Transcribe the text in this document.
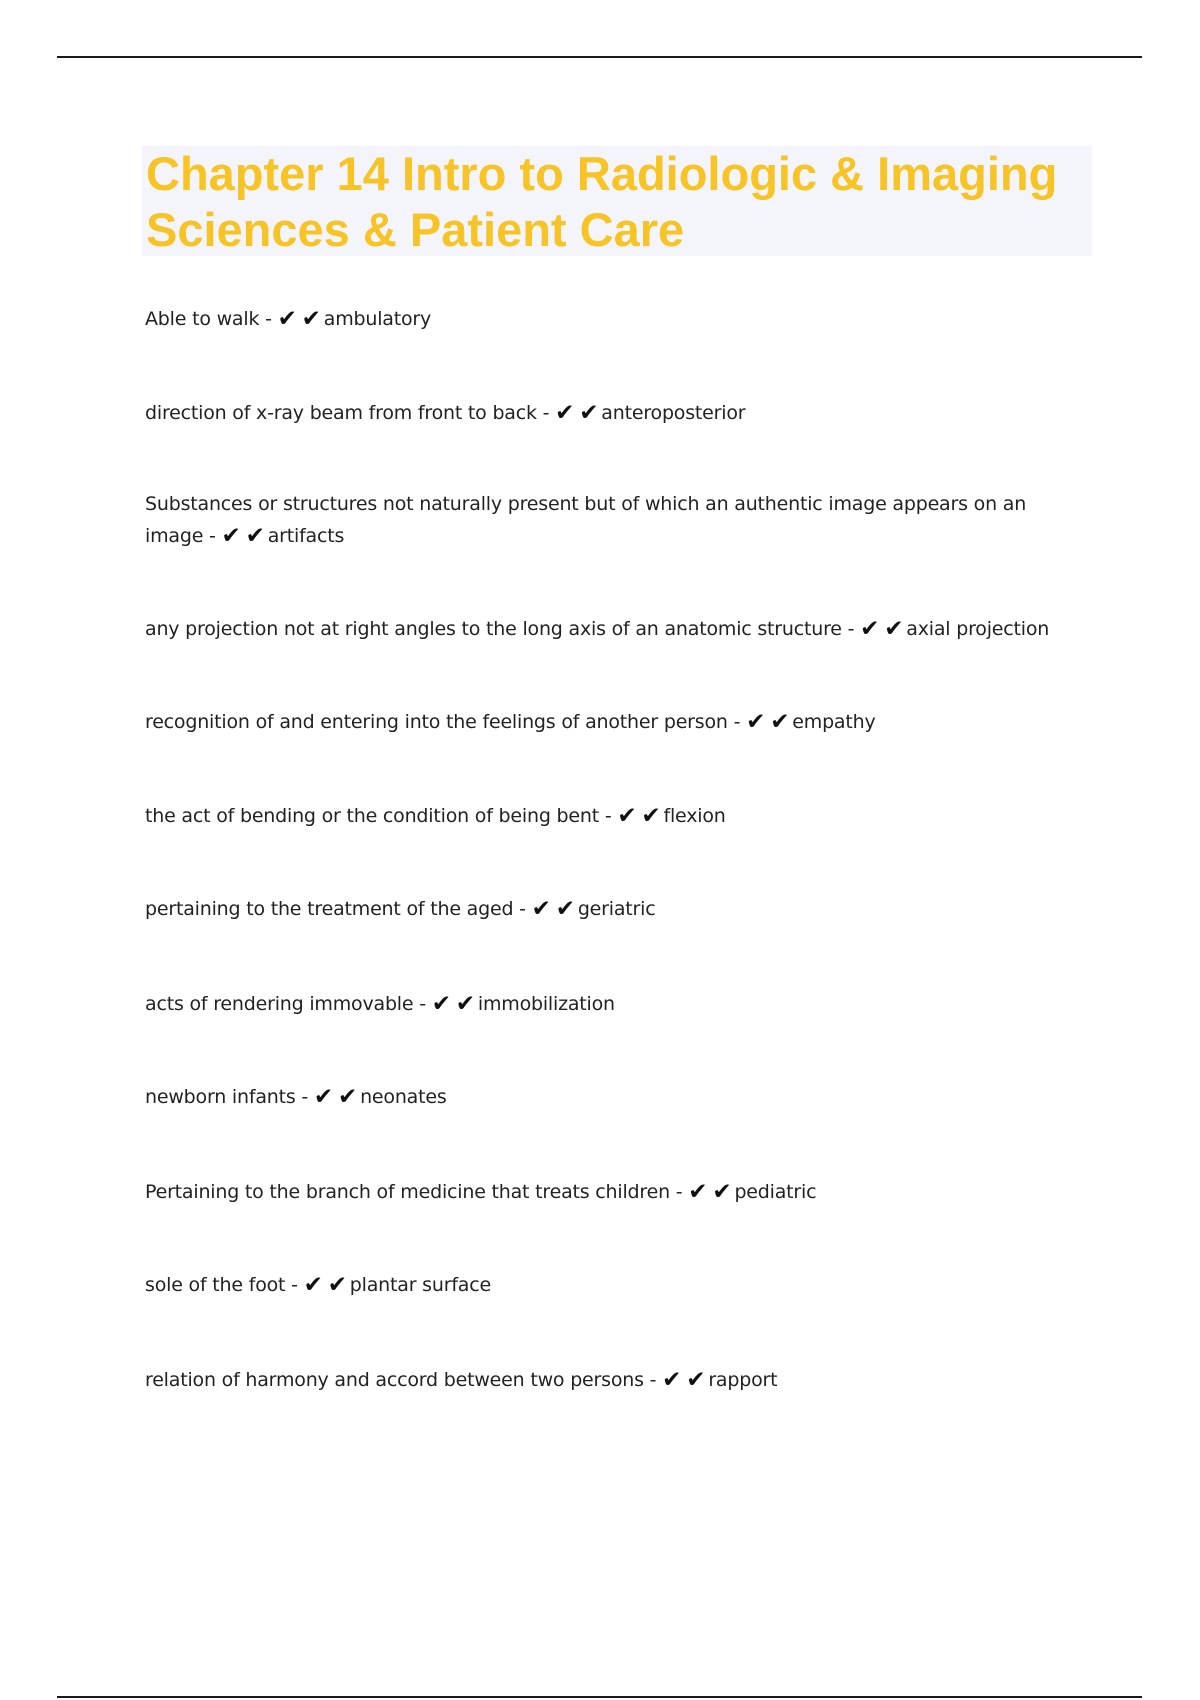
Chapter 14 Intro to Radiologic & Imaging Sciences & Patient Care
Able to walk - ✔ ✔ ambulatory
direction of x-ray beam from front to back - ✔ ✔ anteroposterior
Substances or structures not naturally present but of which an authentic image appears on an image - ✔ ✔ artifacts
any projection not at right angles to the long axis of an anatomic structure - ✔ ✔ axial projection
recognition of and entering into the feelings of another person - ✔ ✔ empathy
the act of bending or the condition of being bent - ✔ ✔ flexion
pertaining to the treatment of the aged - ✔ ✔ geriatric
acts of rendering immovable - ✔ ✔ immobilization
newborn infants - ✔ ✔ neonates
Pertaining to the branch of medicine that treats children - ✔ ✔ pediatric
sole of the foot - ✔ ✔ plantar surface
relation of harmony and accord between two persons - ✔ ✔ rapport
